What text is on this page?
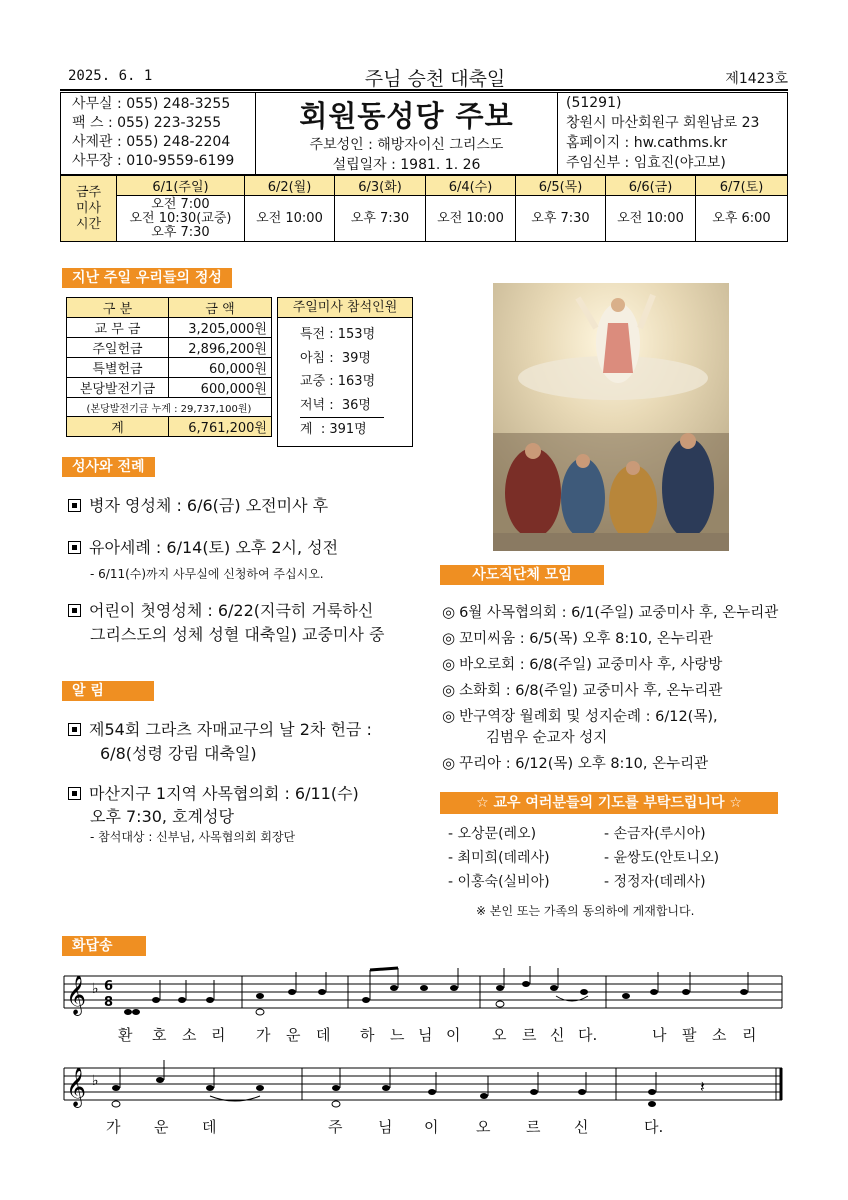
2025. 6. 1	주님 승천 대축일	제1423호
사무실 : 055) 248-3255
팩 스 : 055) 223-3255
사제관 : 055) 248-2204
사무장 : 010-9559-6199
회원동성당 주보
주보성인 : 해방자이신 그리스도
설립일자 : 1981. 1. 26
(51291)
창원시 마산회원구 회원남로 23
홈페이지 : hw.cathms.kr
주임신부 : 임효진(야고보)
금주 미사 시간	6/1(주일)	6/2(월)	6/3(화)	6/4(수)	6/5(목)	6/6(금)	6/7(토)

	오전 7:00
오전 10:30(교중)
오후 7:30	오전 10:00	오후 7:30	오전 10:00	오후 7:30	오전 10:00	오후 6:00
지난 주일 우리들의 정성
구 분	금 액
교 무 금	3,205,000원
주일헌금	2,896,200원
특별헌금	60,000원
본당발전기금	600,000원
(본당발전기금 누계 : 29,737,100원)	
계	6,761,200원
주일미사 참석인원
특전 : 153명
아침 :  39명
교중 : 163명
저녁 :  36명
계  : 391명
성사와 전례
병자 영성체 : 6/6(금) 오전미사 후
유아세례 : 6/14(토) 오후 2시, 성전
- 6/11(수)까지 사무실에 신청하여 주십시오.
어린이 첫영성체 : 6/22(지극히 거룩하신
그리스도의 성체 성혈 대축일) 교중미사 중
알 림
제54회 그라츠 자매교구의 날 2차 헌금 :
6/8(성령 강림 대축일)
마산지구 1지역 사목협의회 : 6/11(수)
오후 7:30, 호계성당
- 참석대상 : 신부님, 사목협의회 회장단
사도직단체 모임
◎ 6월 사목협의회 : 6/1(주일) 교중미사 후, 온누리관
◎ 꼬미씨움 : 6/5(목) 오후 8:10, 온누리관
◎ 바오로회 : 6/8(주일) 교중미사 후, 사랑방
◎ 소화회 : 6/8(주일) 교중미사 후, 온누리관
◎ 반구역장 월례회 및 성지순례 : 6/12(목),
김범우 순교자 성지
◎ 꾸리아 : 6/12(목) 오후 8:10, 온누리관
☆ 교우 여러분들의 기도를 부탁드립니다 ☆
- 오상문(레오)
- 최미희(데레사)
- 이홍숙(실비아)
- 손금자(루시아)
- 윤쌍도(안토니오)
- 정정자(데레사)
※ 본인 또는 가족의 동의하에 게재합니다.
화답송
𝄞 ♭ 6
8
환 호 소 리 가 운 데 하 느 님 이 오 르 신 다.	나 팔 소 리
𝄞 ♭	𝄽
가 운 데	주 님 이	오 르 신	다.
